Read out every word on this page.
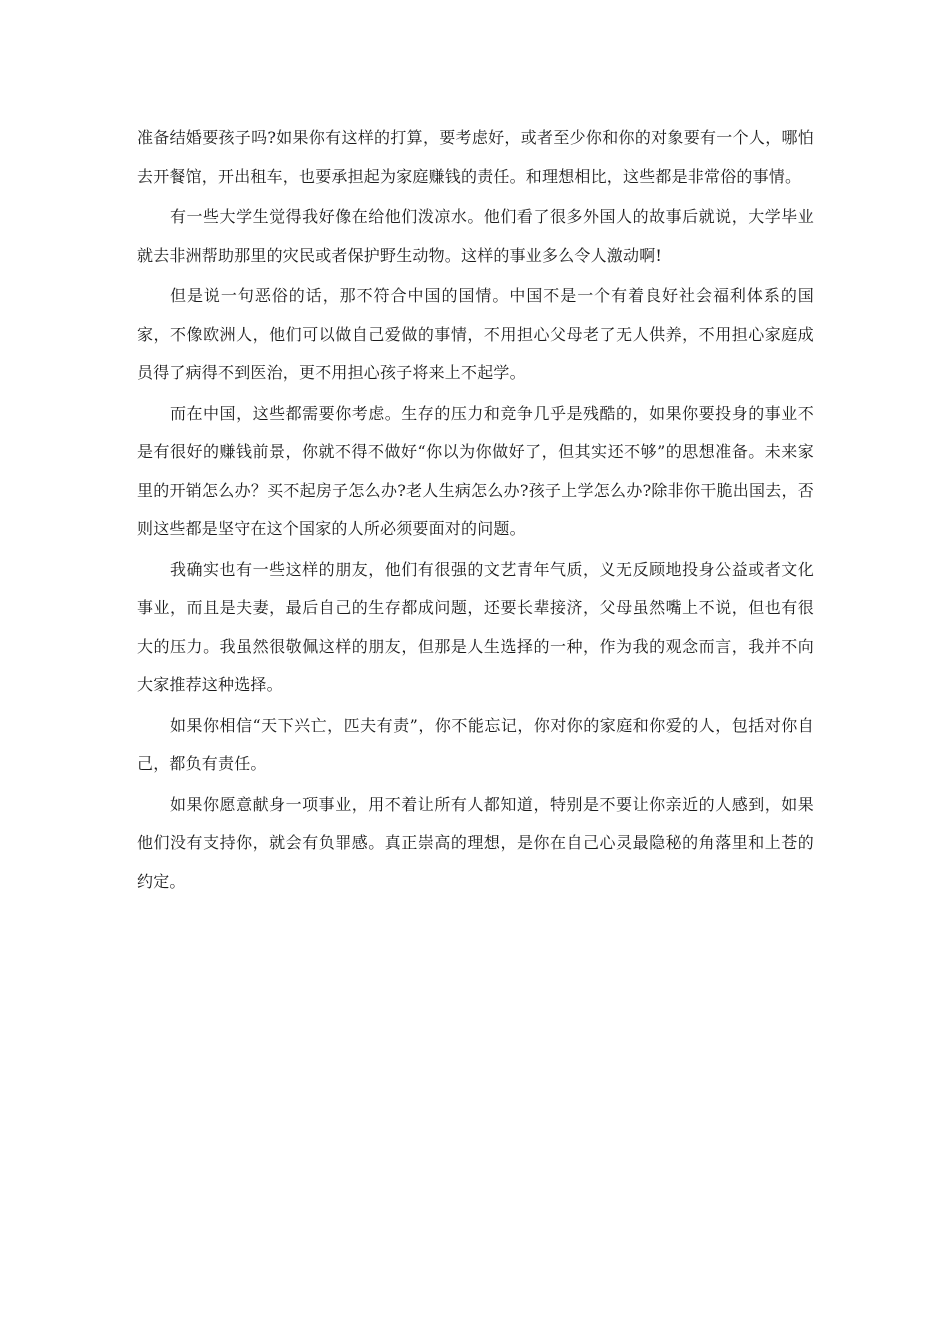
准备结婚要孩子吗?如果你有这样的打算，要考虑好，或者至少你和你的对象要有一个人，哪怕去开餐馆，开出租车，也要承担起为家庭赚钱的责任。和理想相比，这些都是非常俗的事情。

有一些大学生觉得我好像在给他们泼凉水。他们看了很多外国人的故事后就说，大学毕业就去非洲帮助那里的灾民或者保护野生动物。这样的事业多么令人激动啊!

但是说一句恶俗的话，那不符合中国的国情。中国不是一个有着良好社会福利体系的国家，不像欧洲人，他们可以做自己爱做的事情，不用担心父母老了无人供养，不用担心家庭成员得了病得不到医治，更不用担心孩子将来上不起学。

而在中国，这些都需要你考虑。生存的压力和竞争几乎是残酷的，如果你要投身的事业不是有很好的赚钱前景，你就不得不做好“你以为你做好了，但其实还不够”的思想准备。未来家里的开销怎么办？买不起房子怎么办?老人生病怎么办?孩子上学怎么办?除非你干脆出国去，否则这些都是坚守在这个国家的人所必须要面对的问题。

我确实也有一些这样的朋友，他们有很强的文艺青年气质，义无反顾地投身公益或者文化事业，而且是夫妻，最后自己的生存都成问题，还要长辈接济，父母虽然嘴上不说，但也有很大的压力。我虽然很敬佩这样的朋友，但那是人生选择的一种，作为我的观念而言，我并不向大家推荐这种选择。

如果你相信“天下兴亡，匹夫有责”，你不能忘记，你对你的家庭和你爱的人，包括对你自己，都负有责任。

如果你愿意献身一项事业，用不着让所有人都知道，特别是不要让你亲近的人感到，如果他们没有支持你，就会有负罪感。真正崇高的理想，是你在自己心灵最隐秘的角落里和上苍的约定。
